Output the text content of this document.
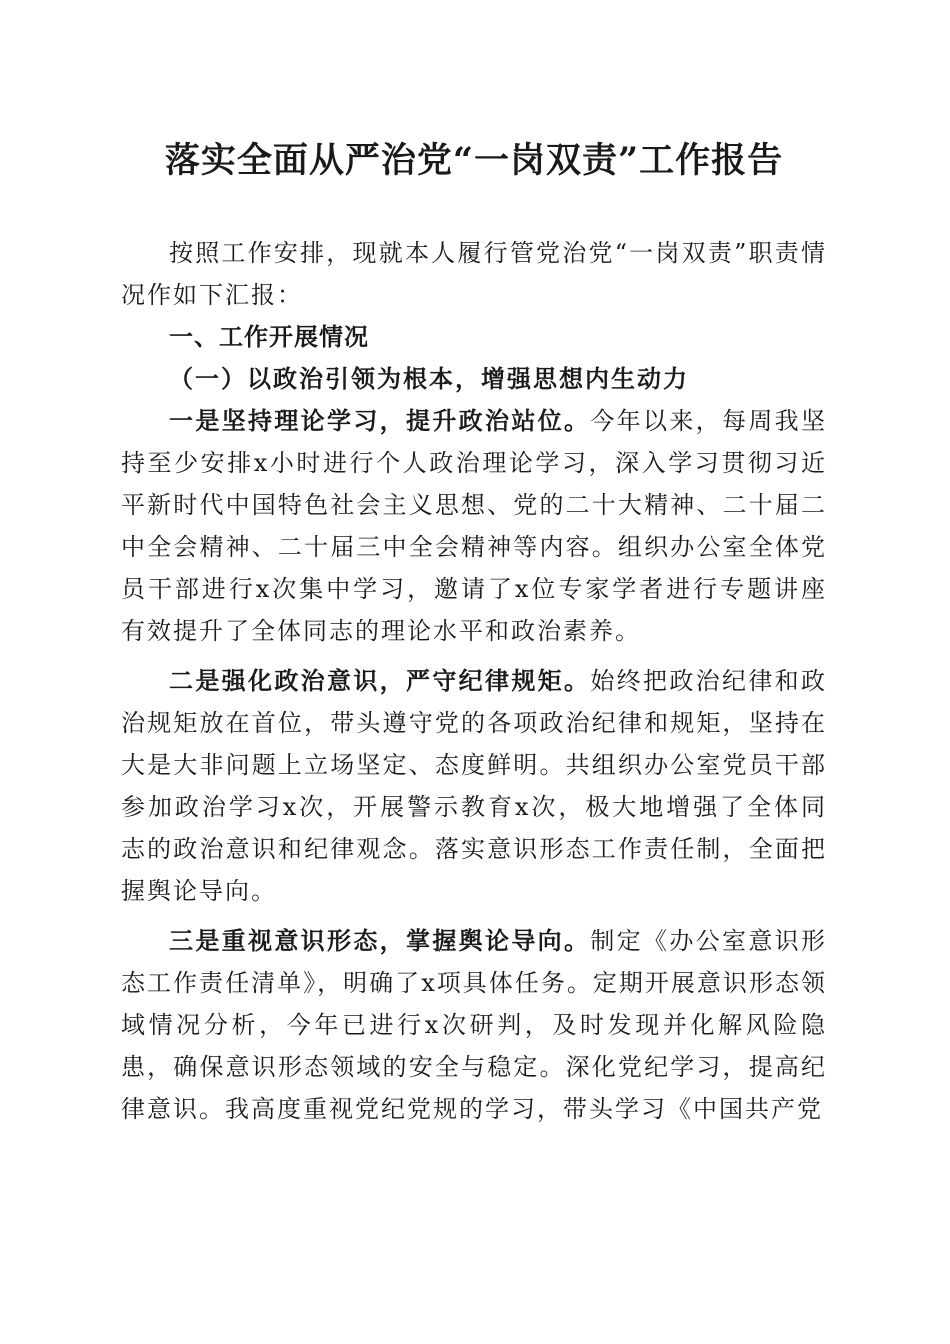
落实全面从严治党“一岗双责”工作报告

按照工作安排，现就本人履行管党治党“一岗双责”职责情况作如下汇报：

一、工作开展情况

（一）以政治引领为根本，增强思想内生动力

一是坚持理论学习，提升政治站位。今年以来，每周我坚持至少安排x小时进行个人政治理论学习，深入学习贯彻习近平新时代中国特色社会主义思想、党的二十大精神、二十届二中全会精神、二十届三中全会精神等内容。组织办公室全体党员干部进行x次集中学习，邀请了x位专家学者进行专题讲座有效提升了全体同志的理论水平和政治素养。

二是强化政治意识，严守纪律规矩。始终把政治纪律和政治规矩放在首位，带头遵守党的各项政治纪律和规矩，坚持在大是大非问题上立场坚定、态度鲜明。共组织办公室党员干部参加政治学习x次，开展警示教育x次，极大地增强了全体同志的政治意识和纪律观念。落实意识形态工作责任制，全面把握舆论导向。

三是重视意识形态，掌握舆论导向。制定《办公室意识形态工作责任清单》，明确了x项具体任务。定期开展意识形态领域情况分析，今年已进行x次研判，及时发现并化解风险隐患，确保意识形态领域的安全与稳定。深化党纪学习，提高纪律意识。我高度重视党纪党规的学习，带头学习《中国共产党
